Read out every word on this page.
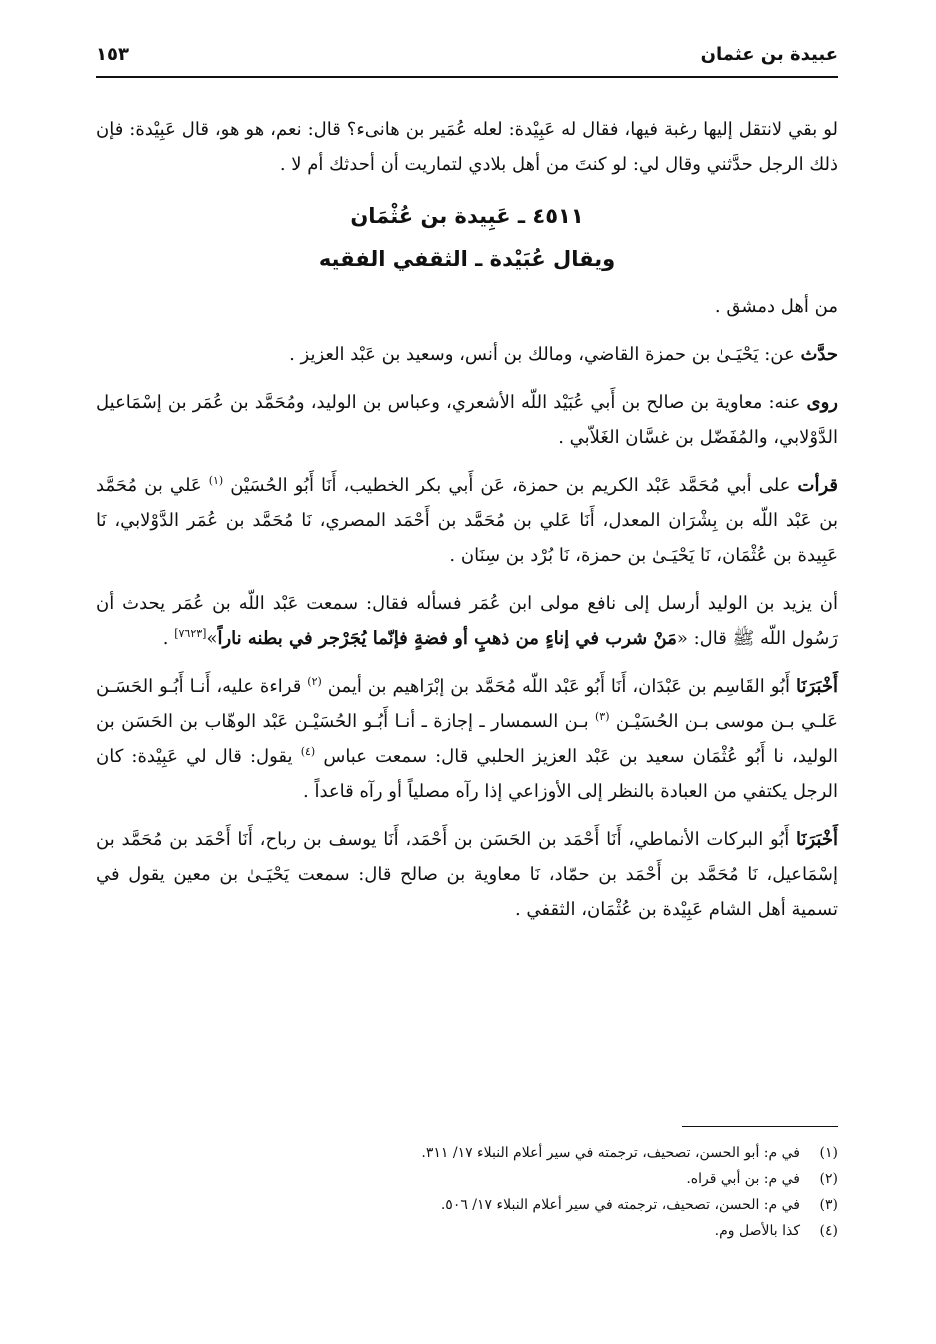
عبيدة بن عثمان
١٥٣

لو بقي لانتقل إليها رغبة فيها، فقال له عَبِيْدة: لعله عُمَير بن هانىء؟ قال: نعم، هو هو، قال عَبِيْدة: فإن ذلك الرجل حدَّثني وقال لي: لو كنتَ من أهل بلادي لتماريت أن أحدثك أم لا .

٤٥١١ ـ عَبِيدة بن عُثْمَان
ويقال عُبَيْدة ـ الثقفي الفقيه

من أهل دمشق .

حدَّث عن: يَحْيَـىٰ بن حمزة القاضي، ومالك بن أنس، وسعيد بن عَبْد العزيز .

روى عنه: معاوية بن صالح بن أَبي عُبَيْد اللّه الأشعري، وعباس بن الوليد، ومُحَمَّد بن عُمَر بن إسْمَاعيل الدَّوْلابي، والمُفَضّل بن غسَّان الغَلاّبي .

قرأت على أبي مُحَمَّد عَبْد الكريم بن حمزة، عَن أَبي بكر الخطيب، أَنَا أَبُو الحُسَيْن $^{(١)}$ عَلي بن مُحَمَّد بن عَبْد اللّه بن بِشْرَان المعدل، أَنَا عَلي بن مُحَمَّد بن أَحْمَد المصري، نَا مُحَمَّد بن عُمَر الدَّوْلابي، نَا عَبِيدة بن عُثْمَان، نَا يَحْيَـىٰ بن حمزة، نَا بُرْد بن سِنَان .

أن يزيد بن الوليد أرسل إلى نافع مولى ابن عُمَر فسأله فقال: سمعت عَبْد اللّه بن عُمَر يحدث أن رَسُول اللّه ﷺ قال: «مَنْ شرب في إناءٍ من ذهبٍ أو فضةٍ فإنّما يُجَرْجر في بطنه ناراً»[٧٦٢٣] .

أَخْبَرَنَا أَبُو القَاسِم بن عَبْدَان، أَنَا أَبُو عَبْد اللّه مُحَمَّد بن إبْرَاهيم بن أيمن $^{(٢)}$ قراءة عليه، أَنـا أَبُـو الحَسَـن عَلـي بـن موسى بـن الحُسَيْـن $^{(٣)}$ بـن السمسار ـ إجازة ـ أنـا أَبُـو الحُسَيْـن عَبْد الوهّاب بن الحَسَن بن الوليد، نا أَبُو عُثْمَان سعيد بن عَبْد العزيز الحلبي قال: سمعت عباس $^{(٤)}$ يقول: قال لي عَبِيْدة: كان الرجل يكتفي من العبادة بالنظر إلى الأوزاعي إذا رآه مصلياً أو رآه قاعداً .

أَخْبَرَنَا أَبُو البركات الأنماطي، أَنَا أَحْمَد بن الحَسَن بن أَحْمَد، أَنَا يوسف بن رباح، أَنَا أَحْمَد بن مُحَمَّد بن إسْمَاعيل، نَا مُحَمَّد بن أَحْمَد بن حمّاد، نَا معاوية بن صالح قال: سمعت يَحْيَـىٰ بن معين يقول في تسمية أهل الشام عَبِيْدة بن عُثْمَان، الثقفي .

(١)
في م: أبو الحسن، تصحيف، ترجمته في سير أعلام النبلاء ١٧/ ٣١١.
(٢)
في م: بن أبي قراه.
(٣)
في م: الحسن، تصحيف، ترجمته في سير أعلام النبلاء ١٧/ ٥٠٦.
(٤)
كذا بالأصل وم.
